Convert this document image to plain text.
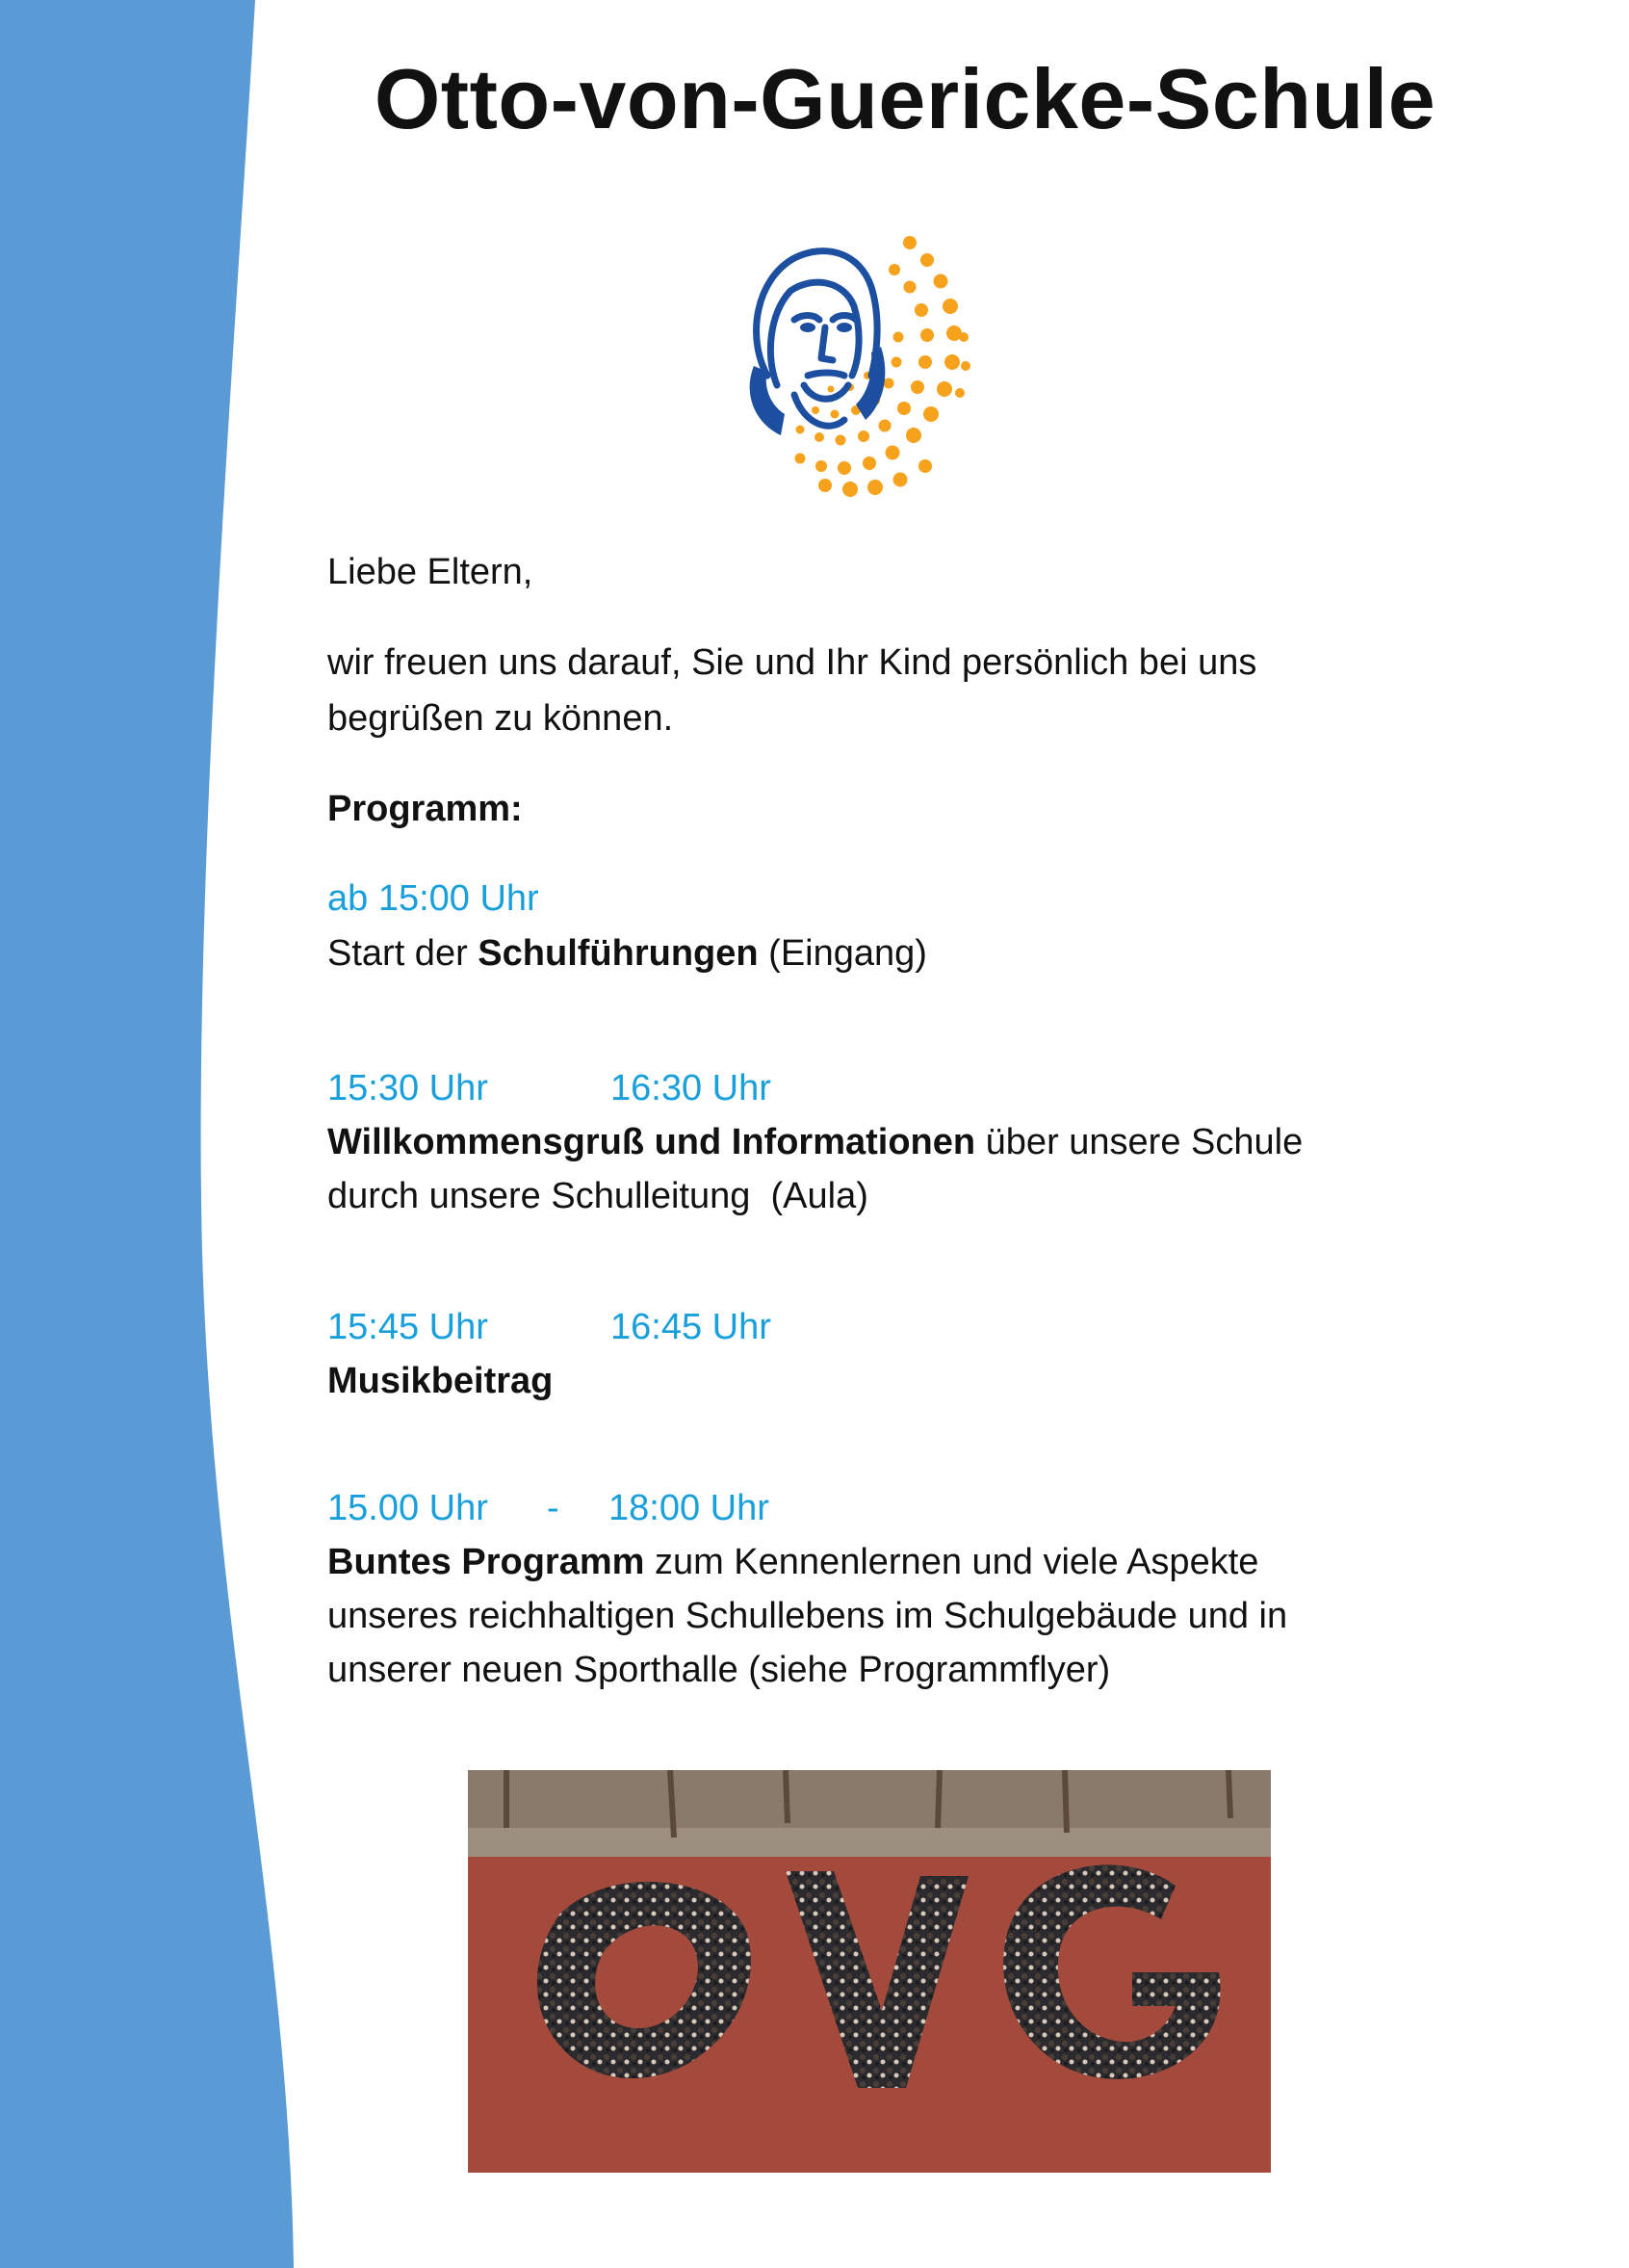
Otto-von-Guericke-Schule
Liebe Eltern,
wir freuen uns darauf, Sie und Ihr Kind persönlich bei uns
begrüßen zu können.
Programm:
ab 15:00 Uhr
Start der Schulführungen (Eingang)
15:30 Uhr	16:30 Uhr
Willkommensgruß und Informationen über unsere Schule
durch unsere Schulleitung  (Aula)
15:45 Uhr	16:45 Uhr
Musikbeitrag
15.00 Uhr - 18:00 Uhr
Buntes Programm zum Kennenlernen und viele Aspekte
unseres reichhaltigen Schullebens im Schulgebäude und in
unserer neuen Sporthalle (siehe Programmflyer)
